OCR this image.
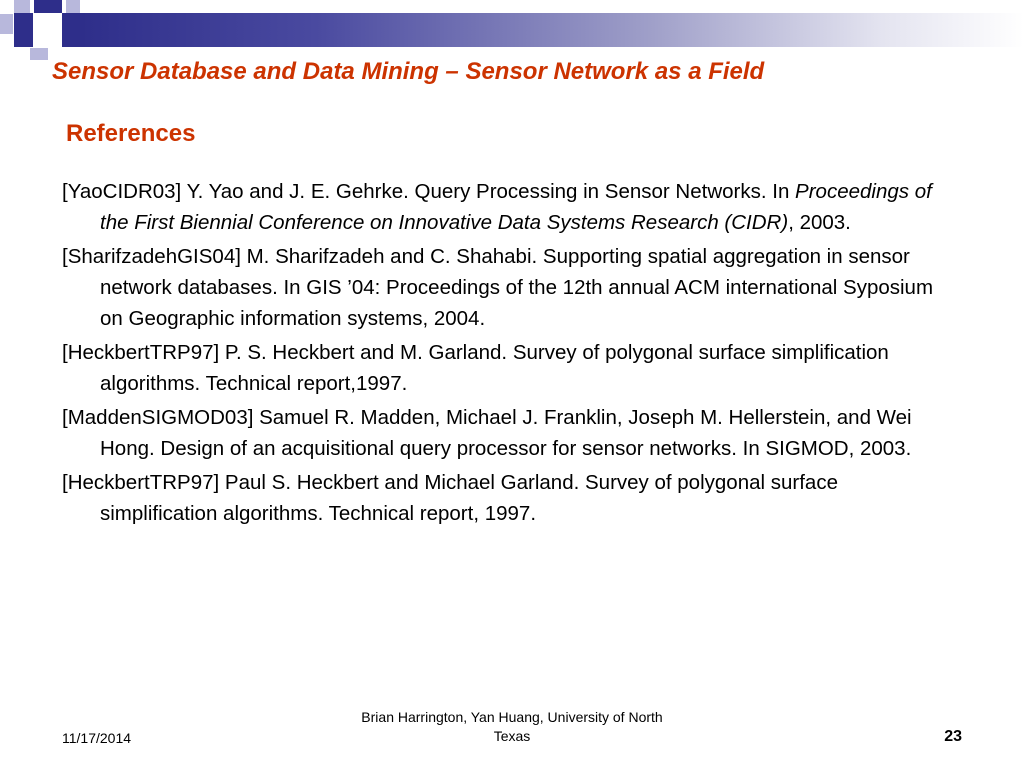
Sensor Database and Data Mining – Sensor Network as a Field
References
[YaoCIDR03] Y. Yao and J. E. Gehrke. Query Processing in Sensor Networks. In Proceedings of the First Biennial Conference on Innovative Data Systems Research (CIDR), 2003.
[SharifzadehGIS04] M. Sharifzadeh and C. Shahabi. Supporting spatial aggregation in sensor network databases. In GIS ’04: Proceedings of the 12th annual ACM international Syposium on Geographic information systems, 2004.
[HeckbertTRP97] P. S. Heckbert and M. Garland. Survey of polygonal surface simplification algorithms. Technical report,1997.
[MaddenSIGMOD03] Samuel R. Madden, Michael J. Franklin, Joseph M. Hellerstein, and Wei Hong. Design of an acquisitional query processor for sensor networks. In SIGMOD, 2003.
[HeckbertTRP97] Paul S. Heckbert and Michael Garland. Survey of polygonal surface simplification algorithms. Technical report, 1997.
11/17/2014
Brian Harrington, Yan Huang, University of North Texas	23
